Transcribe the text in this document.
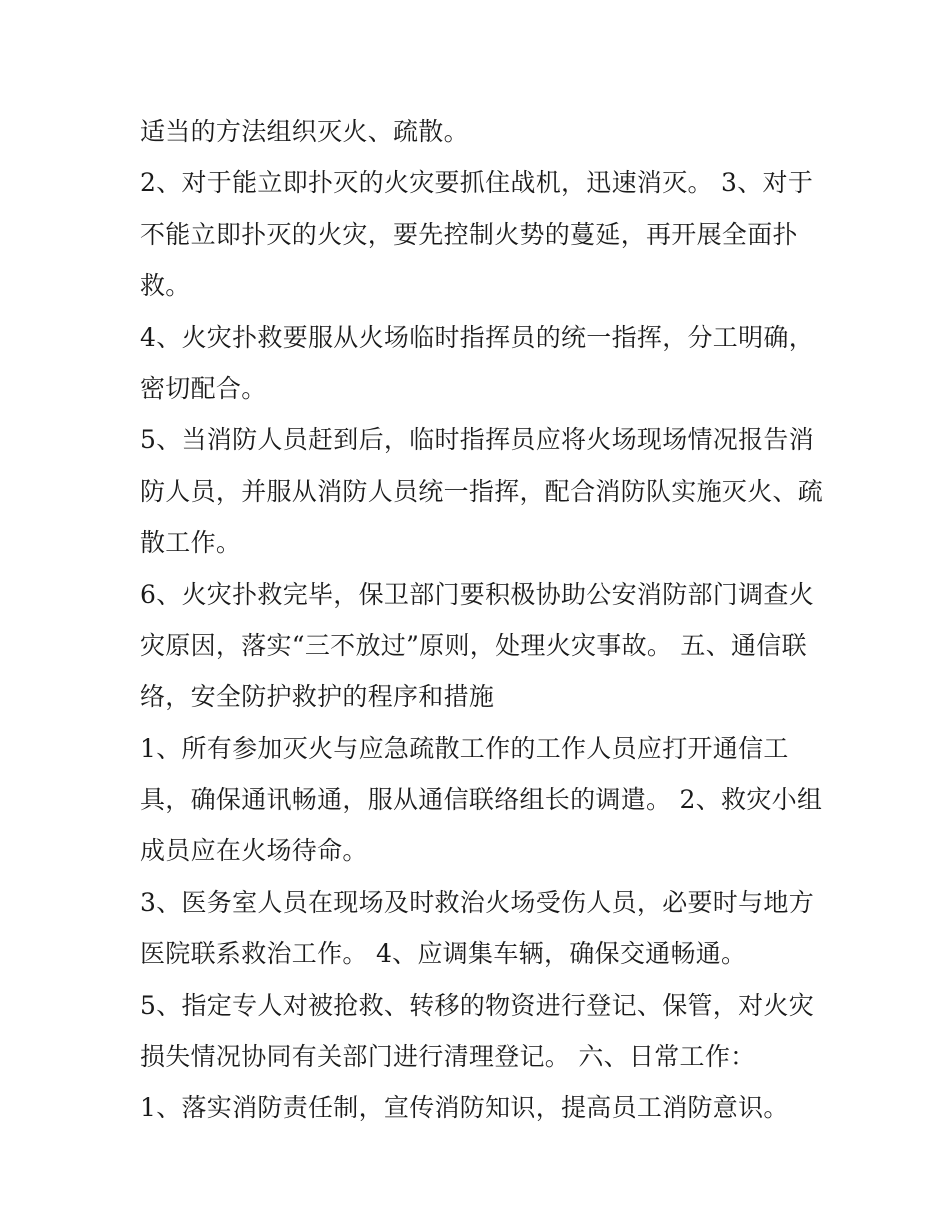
适当的方法组织灭火、疏散。
2、对于能立即扑灭的火灾要抓住战机，迅速消灭。 3、对于
不能立即扑灭的火灾，要先控制火势的蔓延，再开展全面扑
救。
4、火灾扑救要服从火场临时指挥员的统一指挥，分工明确，
密切配合。
5、当消防人员赶到后，临时指挥员应将火场现场情况报告消
防人员，并服从消防人员统一指挥，配合消防队实施灭火、疏
散工作。
6、火灾扑救完毕，保卫部门要积极协助公安消防部门调查火
灾原因，落实“三不放过”原则，处理火灾事故。 五、通信联
络，安全防护救护的程序和措施
1、所有参加灭火与应急疏散工作的工作人员应打开通信工
具，确保通讯畅通，服从通信联络组长的调遣。 2、救灾小组
成员应在火场待命。
3、医务室人员在现场及时救治火场受伤人员，必要时与地方
医院联系救治工作。 4、应调集车辆，确保交通畅通。
5、指定专人对被抢救、转移的物资进行登记、保管，对火灾
损失情况协同有关部门进行清理登记。 六、日常工作：
1、落实消防责任制，宣传消防知识，提高员工消防意识。
